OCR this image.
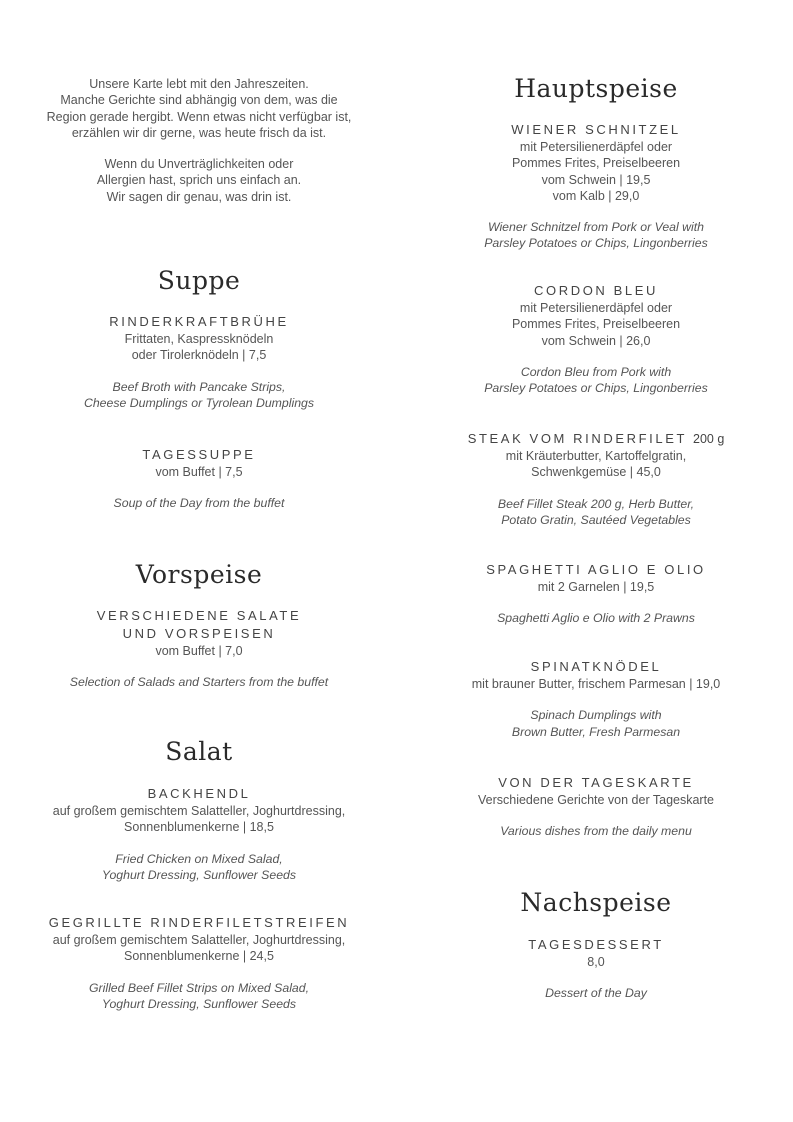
Unsere Karte lebt mit den Jahreszeiten.
Manche Gerichte sind abhängig von dem, was die
Region gerade hergibt. Wenn etwas nicht verfügbar ist,
erzählen wir dir gerne, was heute frisch da ist.

Wenn du Unverträglichkeiten oder
Allergien hast, sprich uns einfach an.
Wir sagen dir genau, was drin ist.

Suppe
RINDERKRAFTBRÜHE
Frittaten, Kaspressknödeln
oder Tirolerknödeln | 7,5
Beef Broth with Pancake Strips,
Cheese Dumplings or Tyrolean Dumplings
TAGESSUPPE
vom Buffet | 7,5
Soup of the Day from the buffet
Vorspeise
VERSCHIEDENE SALATE
UND VORSPEISEN
vom Buffet | 7,0
Selection of Salads and Starters from the buffet
Salat
BACKHENDL
auf großem gemischtem Salatteller, Joghurtdressing,
Sonnenblumenkerne | 18,5
Fried Chicken on Mixed Salad,
Yoghurt Dressing, Sunflower Seeds
GEGRILLTE RINDERFILETSTREIFEN
auf großem gemischtem Salatteller, Joghurtdressing,
Sonnenblumenkerne | 24,5
Grilled Beef Fillet Strips on Mixed Salad,
Yoghurt Dressing, Sunflower Seeds
Hauptspeise
WIENER SCHNITZEL
mit Petersilienerdäpfel oder
Pommes Frites, Preiselbeeren
vom Schwein | 19,5
vom Kalb | 29,0
Wiener Schnitzel from Pork or Veal with
Parsley Potatoes or Chips, Lingonberries
CORDON BLEU
mit Petersilienerdäpfel oder
Pommes Frites, Preiselbeeren
vom Schwein | 26,0
Cordon Bleu from Pork with
Parsley Potatoes or Chips, Lingonberries
STEAK VOM RINDERFILET 200 g
mit Kräuterbutter, Kartoffelgratin,
Schwenkgemüse | 45,0
Beef Fillet Steak 200 g, Herb Butter,
Potato Gratin, Sautéed Vegetables
SPAGHETTI AGLIO E OLIO
mit 2 Garnelen | 19,5
Spaghetti Aglio e Olio with 2 Prawns
SPINATKNÖDEL
mit brauner Butter, frischem Parmesan | 19,0
Spinach Dumplings with
Brown Butter, Fresh Parmesan
VON DER TAGESKARTE
Verschiedene Gerichte von der Tageskarte
Various dishes from the daily menu
Nachspeise
TAGESDESSERT
8,0
Dessert of the Day
